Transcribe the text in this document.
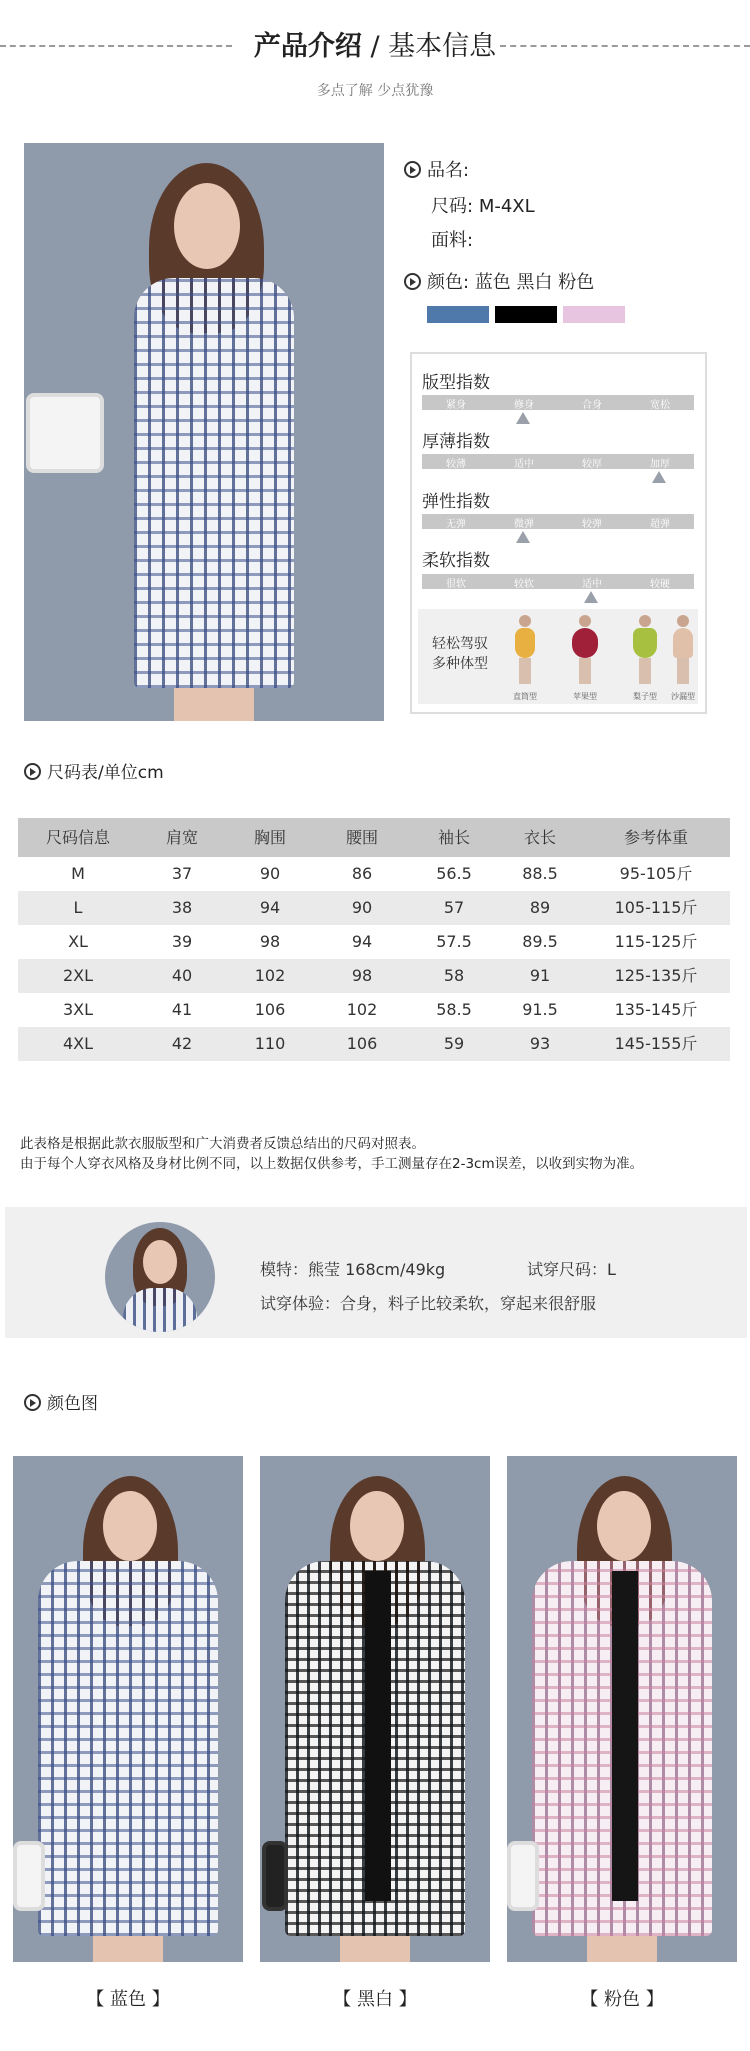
产品介绍 / 基本信息
多点了解 少点犹豫
品名:
尺码: M-4XL
面料:
颜色: 蓝色 黑白 粉色
版型指数
紧身	修身	合身	宽松
厚薄指数
较薄	适中	较厚	加厚
弹性指数
无弹	微弹	较弹	超弹
柔软指数
很软	较软	适中	较硬
轻松驾驭
多种体型
直筒型	苹果型	梨子型	沙漏型
尺码表/单位cm
尺码信息	肩宽	胸围	腰围	袖长	衣长	参考体重
M	37	90	86	56.5	88.5	95-105斤
L	38	94	90	57	89	105-115斤
XL	39	98	94	57.5	89.5	115-125斤
2XL	40	102	98	58	91	125-135斤
3XL	41	106	102	58.5	91.5	135-145斤
4XL	42	110	106	59	93	145-155斤
此表格是根据此款衣服版型和广大消费者反馈总结出的尺码对照表。
由于每个人穿衣风格及身材比例不同，以上数据仅供参考，手工测量存在2-3cm误差，以收到实物为准。
模特：熊莹 168cm/49kg	试穿尺码：L
试穿体验：合身，料子比较柔软，穿起来很舒服
颜色图
【 蓝色 】	【 黑白 】	【 粉色 】
